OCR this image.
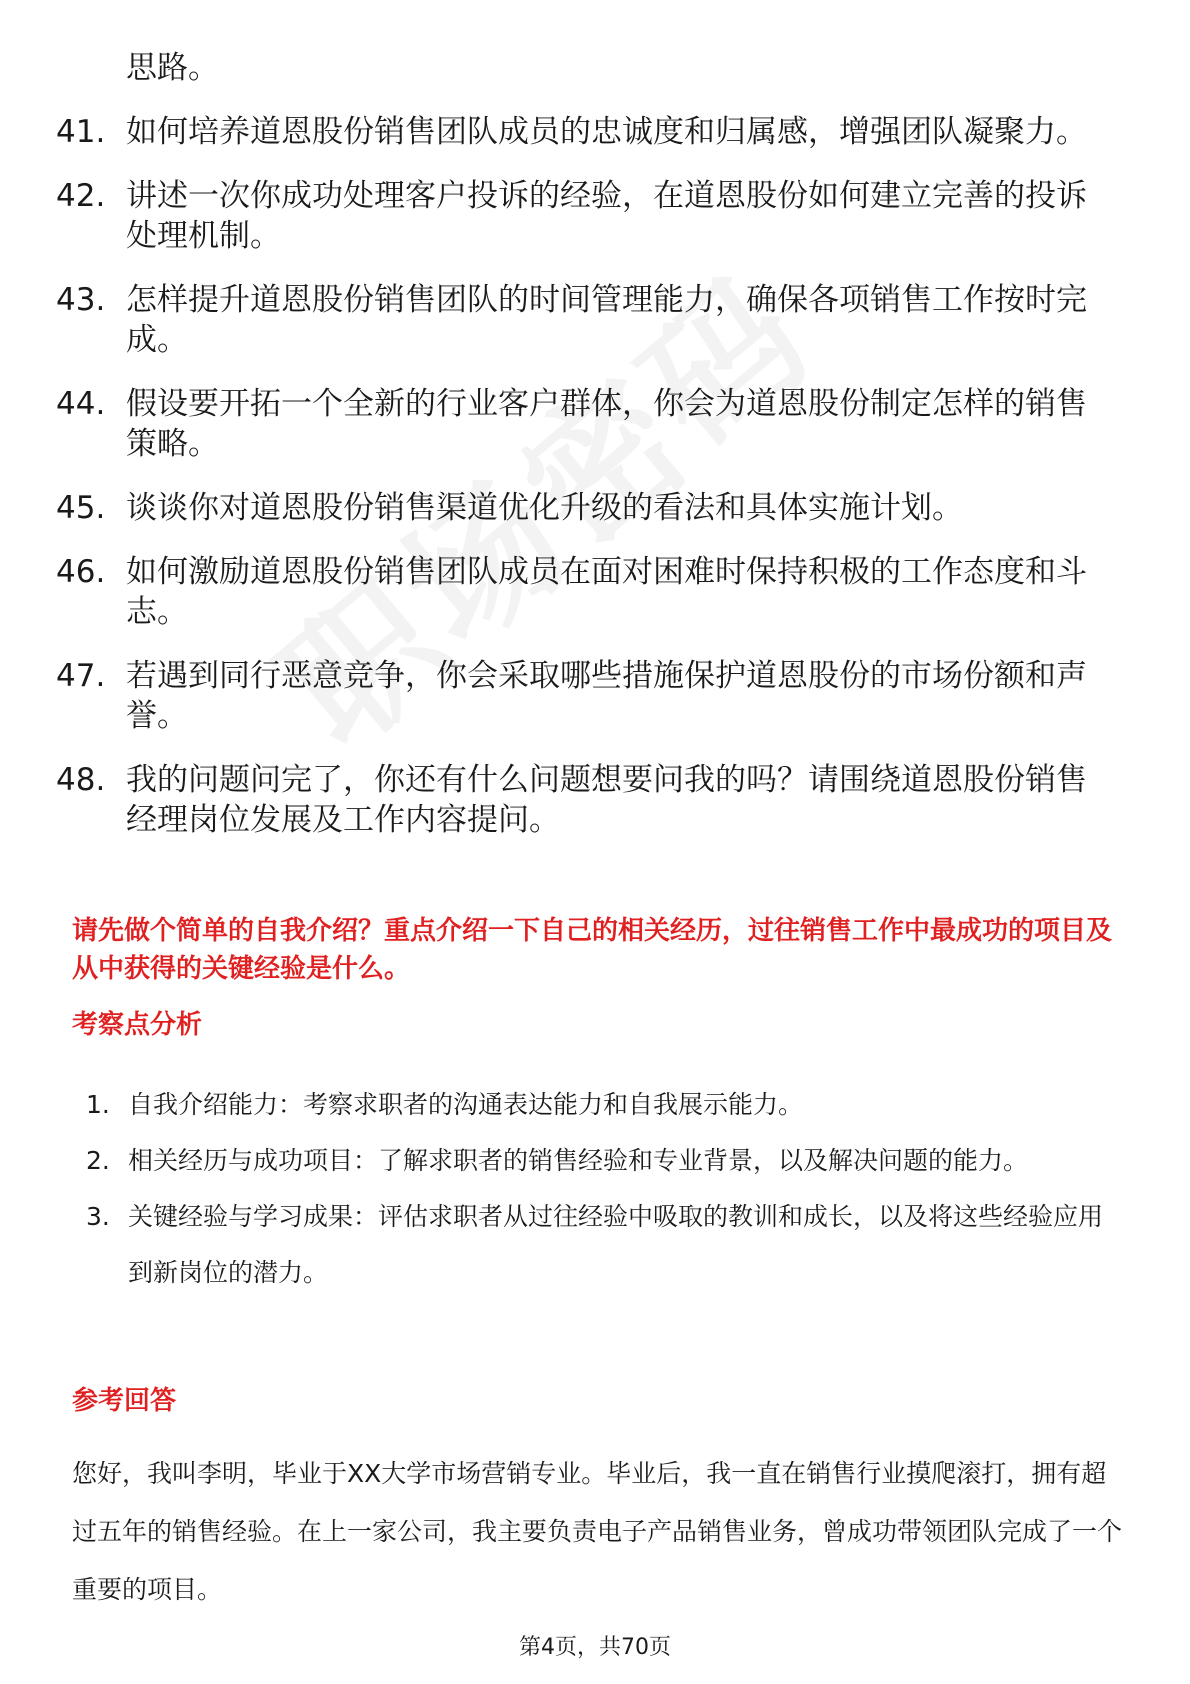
思路。
41. 如何培养道恩股份销售团队成员的忠诚度和归属感，增强团队凝聚力。
42. 讲述一次你成功处理客户投诉的经验，在道恩股份如何建立完善的投诉处理机制。
43. 怎样提升道恩股份销售团队的时间管理能力，确保各项销售工作按时完成。
44. 假设要开拓一个全新的行业客户群体，你会为道恩股份制定怎样的销售策略。
45. 谈谈你对道恩股份销售渠道优化升级的看法和具体实施计划。
46. 如何激励道恩股份销售团队成员在面对困难时保持积极的工作态度和斗志。
47. 若遇到同行恶意竞争，你会采取哪些措施保护道恩股份的市场份额和声誉。
48. 我的问题问完了，你还有什么问题想要问我的吗？请围绕道恩股份销售经理岗位发展及工作内容提问。
请先做个简单的自我介绍？重点介绍一下自己的相关经历，过往销售工作中最成功的项目及从中获得的关键经验是什么。
考察点分析
1. 自我介绍能力：考察求职者的沟通表达能力和自我展示能力。
2. 相关经历与成功项目：了解求职者的销售经验和专业背景，以及解决问题的能力。
3. 关键经验与学习成果：评估求职者从过往经验中吸取的教训和成长，以及将这些经验应用到新岗位的潜力。
参考回答
您好，我叫李明，毕业于XX大学市场营销专业。毕业后，我一直在销售行业摸爬滚打，拥有超过五年的销售经验。在上一家公司，我主要负责电子产品销售业务，曾成功带领团队完成了一个重要的项目。
第4页，共70页
